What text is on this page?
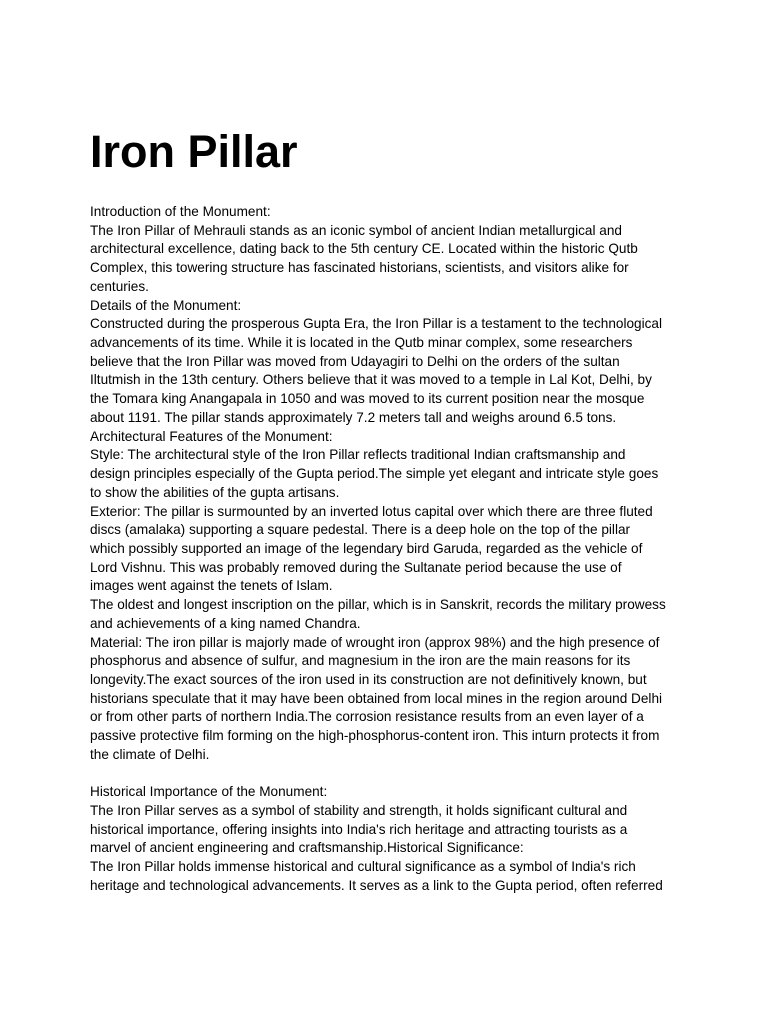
Iron Pillar
Introduction of the Monument:
The Iron Pillar of Mehrauli stands as an iconic symbol of ancient Indian metallurgical and
architectural excellence, dating back to the 5th century CE. Located within the historic Qutb
Complex, this towering structure has fascinated historians, scientists, and visitors alike for
centuries.
Details of the Monument:
Constructed during the prosperous Gupta Era, the Iron Pillar is a testament to the technological
advancements of its time. While it is located in the Qutb minar complex, some researchers
believe that the Iron Pillar was moved from Udayagiri to Delhi on the orders of the sultan
Iltutmish in the 13th century. Others believe that it was moved to a temple in Lal Kot, Delhi, by
the Tomara king Anangapala in 1050 and was moved to its current position near the mosque
about 1191. The pillar stands approximately 7.2 meters tall and weighs around 6.5 tons.
Architectural Features of the Monument:
Style: The architectural style of the Iron Pillar reflects traditional Indian craftsmanship and
design principles especially of the Gupta period.The simple yet elegant and intricate style goes
to show the abilities of the gupta artisans.
Exterior: The pillar is surmounted by an inverted lotus capital over which there are three fluted
discs (amalaka) supporting a square pedestal. There is a deep hole on the top of the pillar
which possibly supported an image of the legendary bird Garuda, regarded as the vehicle of
Lord Vishnu. This was probably removed during the Sultanate period because the use of
images went against the tenets of Islam.
The oldest and longest inscription on the pillar, which is in Sanskrit, records the military prowess
and achievements of a king named Chandra.
Material: The iron pillar is majorly made of wrought iron (approx 98%) and the high presence of
phosphorus and absence of sulfur, and magnesium in the iron are the main reasons for its
longevity.The exact sources of the iron used in its construction are not definitively known, but
historians speculate that it may have been obtained from local mines in the region around Delhi
or from other parts of northern India.The corrosion resistance results from an even layer of a
passive protective film forming on the high-phosphorus-content iron. This inturn protects it from
the climate of Delhi.
Historical Importance of the Monument:
The Iron Pillar serves as a symbol of stability and strength, it holds significant cultural and
historical importance, offering insights into India's rich heritage and attracting tourists as a
marvel of ancient engineering and craftsmanship.Historical Significance:
The Iron Pillar holds immense historical and cultural significance as a symbol of India's rich
heritage and technological advancements. It serves as a link to the Gupta period, often referred
